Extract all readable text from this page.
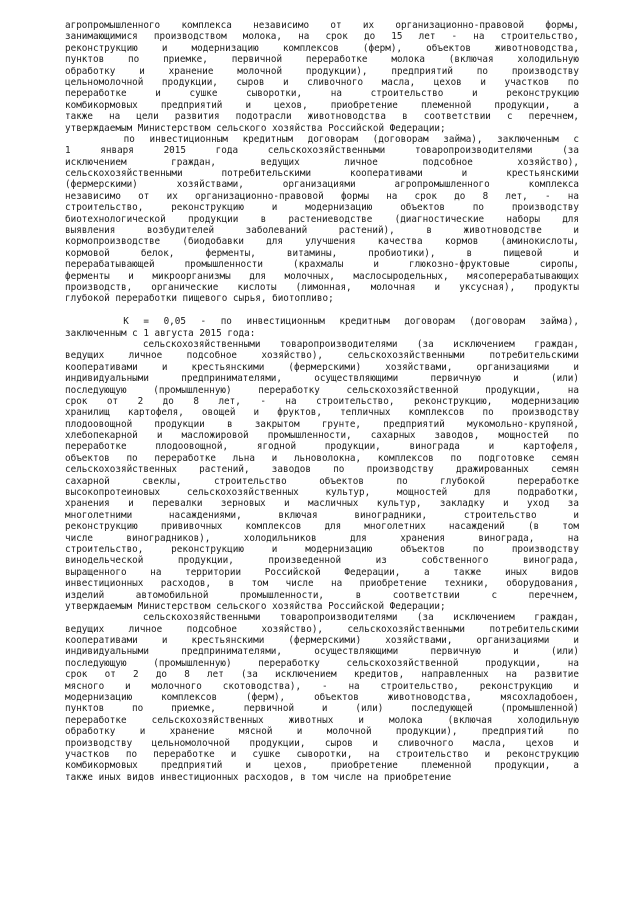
агропромышленного комплекса независимо от их организационно-правовой формы,
занимающимися производством молока, на срок до 15 лет - на строительство,
реконструкцию и модернизацию комплексов (ферм), объектов животноводства,
пунктов по приемке, первичной переработке молока (включая холодильную
обработку и хранение молочной продукции), предприятий по производству
цельномолочной продукции, сыров и сливочного масла, цехов и участков по
переработке и сушке сыворотки, на строительство и реконструкцию
комбикормовых предприятий и цехов, приобретение племенной продукции, а
также на цели развития подотрасли животноводства в соответствии с перечнем,
утверждаемым Министерством сельского хозяйства Российской Федерации;
по инвестиционным кредитным договорам (договорам займа), заключенным с
1 января 2015 года сельскохозяйственными товаропроизводителями (за
исключением граждан, ведущих личное подсобное хозяйство),
сельскохозяйственными потребительскими кооперативами и крестьянскими
(фермерскими) хозяйствами, организациями агропромышленного комплекса
независимо от их организационно-правовой формы на срок до 8 лет, - на
строительство, реконструкцию и модернизацию объектов по производству
биотехнологической продукции в растениеводстве (диагностические наборы для
выявления возбудителей заболеваний растений), в животноводстве и
кормопроизводстве (биодобавки для улучшения качества кормов (аминокислоты,
кормовой белок, ферменты, витамины, пробиотики), в пищевой и
перерабатывающей промышленности (крахмалы и глюкозно-фруктовые сиропы,
ферменты и микроорганизмы для молочных, маслосыродельных, мясоперерабатывающих
производств, органические кислоты (лимонная, молочная и уксусная), продукты
глубокой переработки пищевого сырья, биотопливо;
К = 0,05 - по инвестиционным кредитным договорам (договорам займа),
заключенным с 1 августа 2015 года:
сельскохозяйственными товаропроизводителями (за исключением граждан,
ведущих личное подсобное хозяйство), сельскохозяйственными потребительскими
кооперативами и крестьянскими (фермерскими) хозяйствами, организациями и
индивидуальными предпринимателями, осуществляющими первичную и (или)
последующую (промышленную) переработку сельскохозяйственной продукции, на
срок от 2 до 8 лет, - на строительство, реконструкцию, модернизацию
хранилищ картофеля, овощей и фруктов, тепличных комплексов по производству
плодоовощной продукции в закрытом грунте, предприятий мукомольно-крупяной,
хлебопекарной и масложировой промышленности, сахарных заводов, мощностей по
переработке плодоовощной, ягодной продукции, винограда и картофеля,
объектов по переработке льна и льноволокна, комплексов по подготовке семян
сельскохозяйственных растений, заводов по производству дражированных семян
сахарной свеклы, строительство объектов по глубокой переработке
высокопротеиновых сельскохозяйственных культур, мощностей для подработки,
хранения и перевалки зерновых и масличных культур, закладку и уход за
многолетними насаждениями, включая виноградники, строительство и
реконструкцию прививочных комплексов для многолетних насаждений (в том
числе виноградников), холодильников для хранения винограда, на
строительство, реконструкцию и модернизацию объектов по производству
винодельческой продукции, произведенной из собственного винограда,
выращенного на территории Российской Федерации, а также иных видов
инвестиционных расходов, в том числе на приобретение техники, оборудования,
изделий автомобильной промышленности, в соответствии с перечнем,
утверждаемым Министерством сельского хозяйства Российской Федерации;
сельскохозяйственными товаропроизводителями (за исключением граждан,
ведущих личное подсобное хозяйство), сельскохозяйственными потребительскими
кооперативами и крестьянскими (фермерскими) хозяйствами, организациями и
индивидуальными предпринимателями, осуществляющими первичную и (или)
последующую (промышленную) переработку сельскохозяйственной продукции, на
срок от 2 до 8 лет (за исключением кредитов, направленных на развитие
мясного и молочного скотоводства), - на строительство, реконструкцию и
модернизацию комплексов (ферм), объектов животноводства, мясохладобоен,
пунктов по приемке, первичной и (или) последующей (промышленной)
переработке сельскохозяйственных животных и молока (включая холодильную
обработку и хранение мясной и молочной продукции), предприятий по
производству цельномолочной продукции, сыров и сливочного масла, цехов и
участков по переработке и сушке сыворотки, на строительство и реконструкцию
комбикормовых предприятий и цехов, приобретение племенной продукции, а
также иных видов инвестиционных расходов, в том числе на приобретение
